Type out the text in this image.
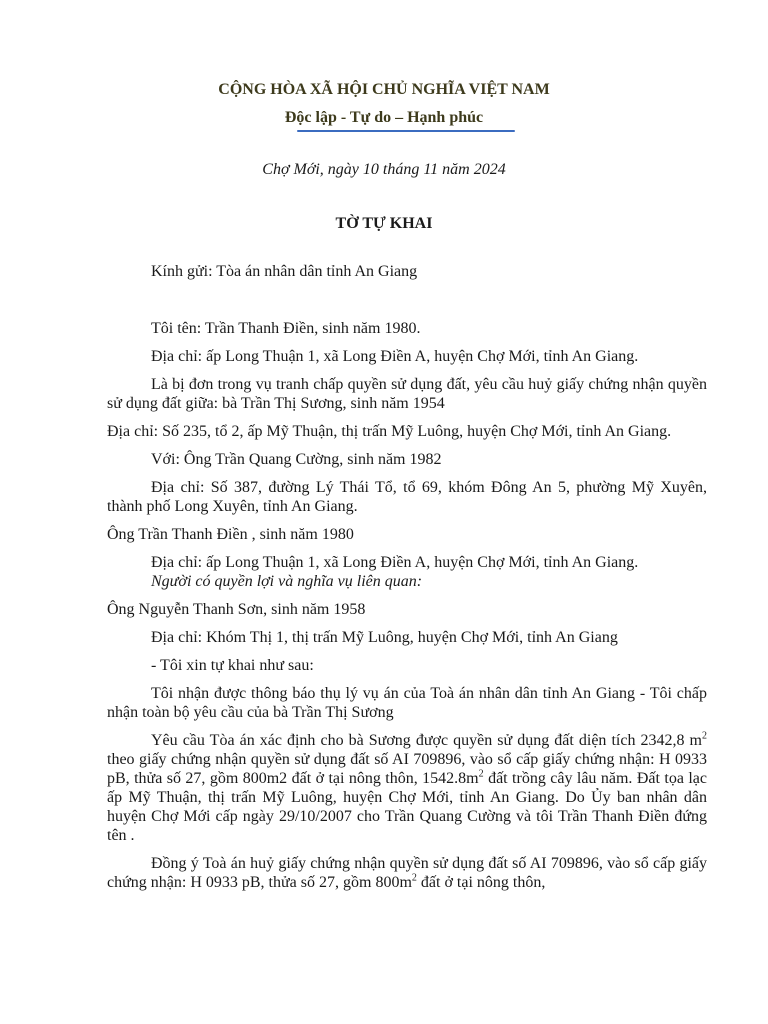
CỘNG HÒA XÃ HỘI CHỦ NGHĨA VIỆT NAM
Độc lập - Tự do – Hạnh phúc
Chợ Mới, ngày 10 tháng 11 năm 2024
TỜ TỰ KHAI

Kính gửi: Tòa án nhân dân tỉnh An Giang

Tôi tên: Trần Thanh Điền, sinh năm 1980.

Địa chỉ: ấp Long Thuận 1, xã Long Điền A, huyện Chợ Mới, tỉnh An Giang.

Là bị đơn trong vụ tranh chấp quyền sử dụng đất, yêu cầu huỷ giấy chứng nhận quyền sử dụng đất giữa: bà Trần Thị Sương, sinh năm 1954

Địa chỉ: Số 235, tổ 2, ấp Mỹ Thuận, thị trấn Mỹ Luông, huyện Chợ Mới, tỉnh An Giang.

Với: Ông Trần Quang Cường, sinh năm 1982

Địa chỉ: Số 387, đường Lý Thái Tổ, tổ 69, khóm Đông An 5, phường Mỹ Xuyên, thành phố Long Xuyên, tỉnh An Giang.

Ông Trần Thanh Điền , sinh năm 1980

Địa chỉ: ấp Long Thuận 1, xã Long Điền A, huyện Chợ Mới, tỉnh An Giang.

Người có quyền lợi và nghĩa vụ liên quan:

Ông Nguyễn Thanh Sơn, sinh năm 1958

Địa chỉ: Khóm Thị 1, thị trấn Mỹ Luông, huyện Chợ Mới, tỉnh An Giang

- Tôi xin tự khai như sau:

Tôi nhận được thông báo thụ lý vụ án của Toà án nhân dân tỉnh An Giang - Tôi chấp nhận toàn bộ yêu cầu của bà Trần Thị Sương

Yêu cầu Tòa án xác định cho bà Sương được quyền sử dụng đất diện tích 2342,8 $m^2$ theo giấy chứng nhận quyền sử dụng đất số AI 709896, vào sổ cấp giấy chứng nhận: H 0933 pB, thửa số 27, gồm 800m2 đất ở tại nông thôn, $1542.8m^2$ đất trồng cây lâu năm. Đất tọa lạc ấp Mỹ Thuận, thị trấn Mỹ Luông, huyện Chợ Mới, tỉnh An Giang. Do Ủy ban nhân dân huyện Chợ Mới cấp ngày 29/10/2007 cho Trần Quang Cường và tôi Trần Thanh Điền đứng tên .

Đồng ý Toà án huỷ giấy chứng nhận quyền sử dụng đất số AI 709896, vào sổ cấp giấy chứng nhận: H 0933 pB, thửa số 27, gồm $800m^2$ đất ở tại nông thôn,
